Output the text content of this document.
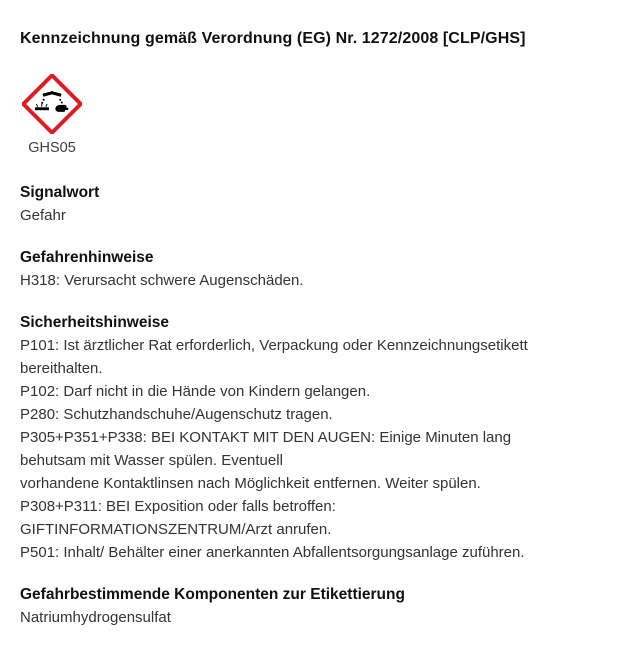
Kennzeichnung gemäß Verordnung (EG) Nr. 1272/2008 [CLP/GHS]
GHS05
Signalwort
Gefahr
Gefahrenhinweise
H318: Verursacht schwere Augenschäden.
Sicherheitshinweise
P101: Ist ärztlicher Rat erforderlich, Verpackung oder Kennzeichnungsetikett
bereithalten.
P102: Darf nicht in die Hände von Kindern gelangen.
P280: Schutzhandschuhe/Augenschutz tragen.
P305+P351+P338: BEI KONTAKT MIT DEN AUGEN: Einige Minuten lang
behutsam mit Wasser spülen. Eventuell
vorhandene Kontaktlinsen nach Möglichkeit entfernen. Weiter spülen.
P308+P311: BEI Exposition oder falls betroffen:
GIFTINFORMATIONSZENTRUM/Arzt anrufen.
P501: Inhalt/ Behälter einer anerkannten Abfallentsorgungsanlage zuführen.
Gefahrbestimmende Komponenten zur Etikettierung
Natriumhydrogensulfat
